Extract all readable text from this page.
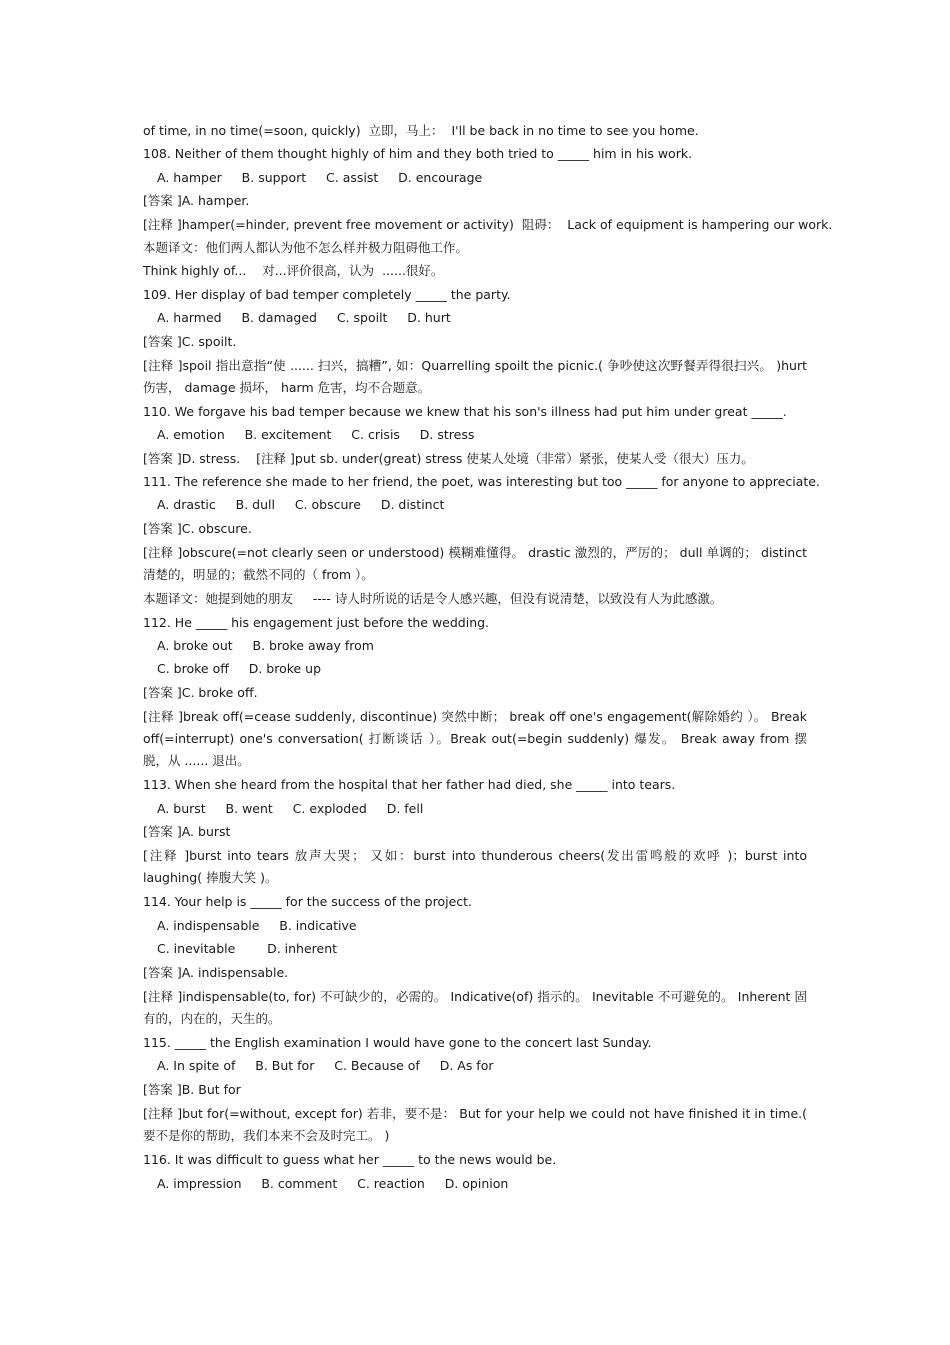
of time, in no time(=soon, quickly)  立即，马上：  I'll be back in no time to see you home.
108. Neither of them thought highly of him and they both tried to _____ him in his work.
A. hamper     B. support     C. assist     D. encourage
[答案 ]A. hamper.
[注释 ]hamper(=hinder, prevent free movement or activity)  阻碍：  Lack of equipment is hampering our work.
本题译文：他们两人都认为他不怎么样并极力阻碍他工作。
Think highly of...    对...评价很高，认为  ......很好。
109. Her display of bad temper completely _____ the party.
A. harmed     B. damaged     C. spoilt     D. hurt
[答案 ]C. spoilt.
[注释 ]spoil 指出意指“使 ...... 扫兴，搞糟”, 如：Quarrelling spoilt the picnic.( 争吵使这次野餐弄得很扫兴。 )hurt 伤害， damage 损坏， harm 危害，均不合题意。
110. We forgave his bad temper because we knew that his son's illness had put him under great _____.
A. emotion     B. excitement     C. crisis     D. stress
[答案 ]D. stress.    [注释 ]put sb. under(great) stress 使某人处境（非常）紧张，使某人受（很大）压力。
111. The reference she made to her friend, the poet, was interesting but too _____ for anyone to appreciate.
A. drastic     B. dull     C. obscure     D. distinct
[答案 ]C. obscure.
[注释 ]obscure(=not clearly seen or understood) 模糊难懂得。 drastic 激烈的，严厉的； dull 单调的； distinct 清楚的，明显的；截然不同的（ from ）。
本题译文：她提到她的朋友     ---- 诗人时所说的话是令人感兴趣，但没有说清楚，以致没有人为此感激。
112. He _____ his engagement just before the wedding.
A. broke out     B. broke away from
C. broke off     D. broke up
[答案 ]C. broke off.
[注释 ]break off(=cease suddenly, discontinue) 突然中断； break off one's engagement(解除婚约 ）。 Break off(=interrupt) one's conversation( 打断谈话 ）。Break out(=begin suddenly) 爆发。 Break away from 摆脱，从 ...... 退出。
113. When she heard from the hospital that her father had died, she _____ into tears.
A. burst     B. went     C. exploded     D. fell
[答案 ]A. burst
[注释 ]burst into tears 放声大哭； 又如：burst into thunderous cheers(发出雷鸣般的欢呼 )；burst into laughing( 捧腹大笑 )。
114. Your help is _____ for the success of the project.
A. indispensable     B. indicative
C. inevitable        D. inherent
[答案 ]A. indispensable.
[注释 ]indispensable(to, for) 不可缺少的，必需的。 Indicative(of) 指示的。 Inevitable 不可避免的。 Inherent 固有的，内在的，天生的。
115. _____ the English examination I would have gone to the concert last Sunday.
A. In spite of     B. But for     C. Because of     D. As for
[答案 ]B. But for
[注释 ]but for(=without, except for) 若非，要不是： But for your help we could not have finished it in time.( 要不是你的帮助，我们本来不会及时完工。 )
116. It was difficult to guess what her _____ to the news would be.
A. impression     B. comment     C. reaction     D. opinion
